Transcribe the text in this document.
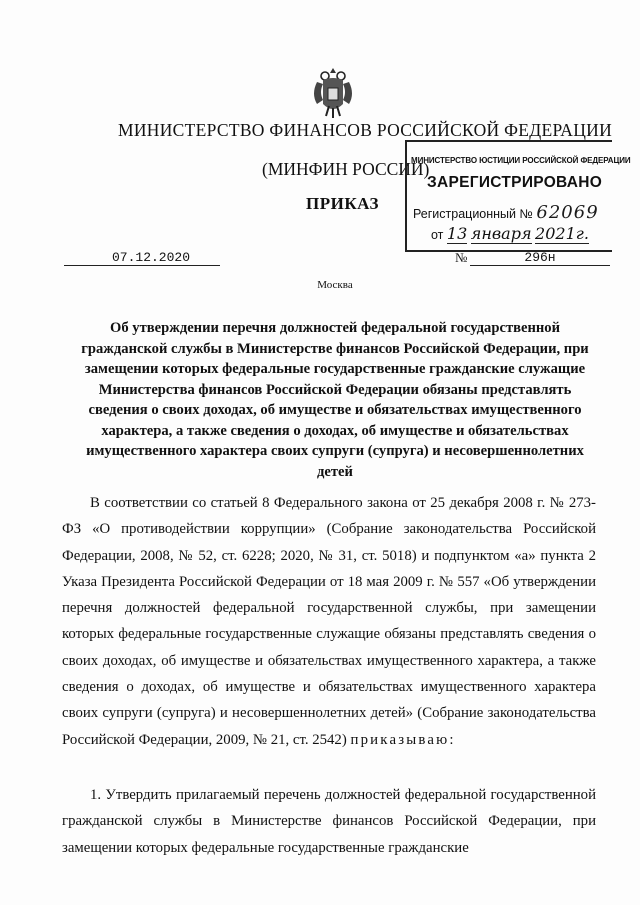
МИНИСТЕРСТВО ФИНАНСОВ РОССИЙСКОЙ ФЕДЕРАЦИИ
(МИНФИН РОССИИ)
ПРИКАЗ
МИНИСТЕРСТВО ЮСТИЦИИ РОССИЙСКОЙ ФЕДЕРАЦИИ
ЗАРЕГИСТРИРОВАНО
Регистрационный № 62069
от 13 января 2021г.
07.12.2020	№	296н
Москва
Об утверждении перечня должностей федеральной государственной гражданской службы в Министерстве финансов Российской Федерации, при замещении которых федеральные государственные гражданские служащие Министерства финансов Российской Федерации обязаны представлять сведения о своих доходах, об имуществе и обязательствах имущественного характера, а также сведения о доходах, об имуществе и обязательствах имущественного характера своих супруги (супруга) и несовершеннолетних детей
В соответствии со статьей 8 Федерального закона от 25 декабря 2008 г. № 273-ФЗ «О противодействии коррупции» (Собрание законодательства Российской Федерации, 2008, № 52, ст. 6228; 2020, № 31, ст. 5018) и подпунктом «а» пункта 2 Указа Президента Российской Федерации от 18 мая 2009 г. № 557 «Об утверждении перечня должностей федеральной государственной службы, при замещении которых федеральные государственные служащие обязаны представлять сведения о своих доходах, об имуществе и обязательствах имущественного характера, а также сведения о доходах, об имуществе и обязательствах имущественного характера своих супруги (супруга) и несовершеннолетних детей» (Собрание законодательства Российской Федерации, 2009, № 21, ст. 2542) приказываю:
1. Утвердить прилагаемый перечень должностей федеральной государственной гражданской службы в Министерстве финансов Российской Федерации, при замещении которых федеральные государственные гражданские
